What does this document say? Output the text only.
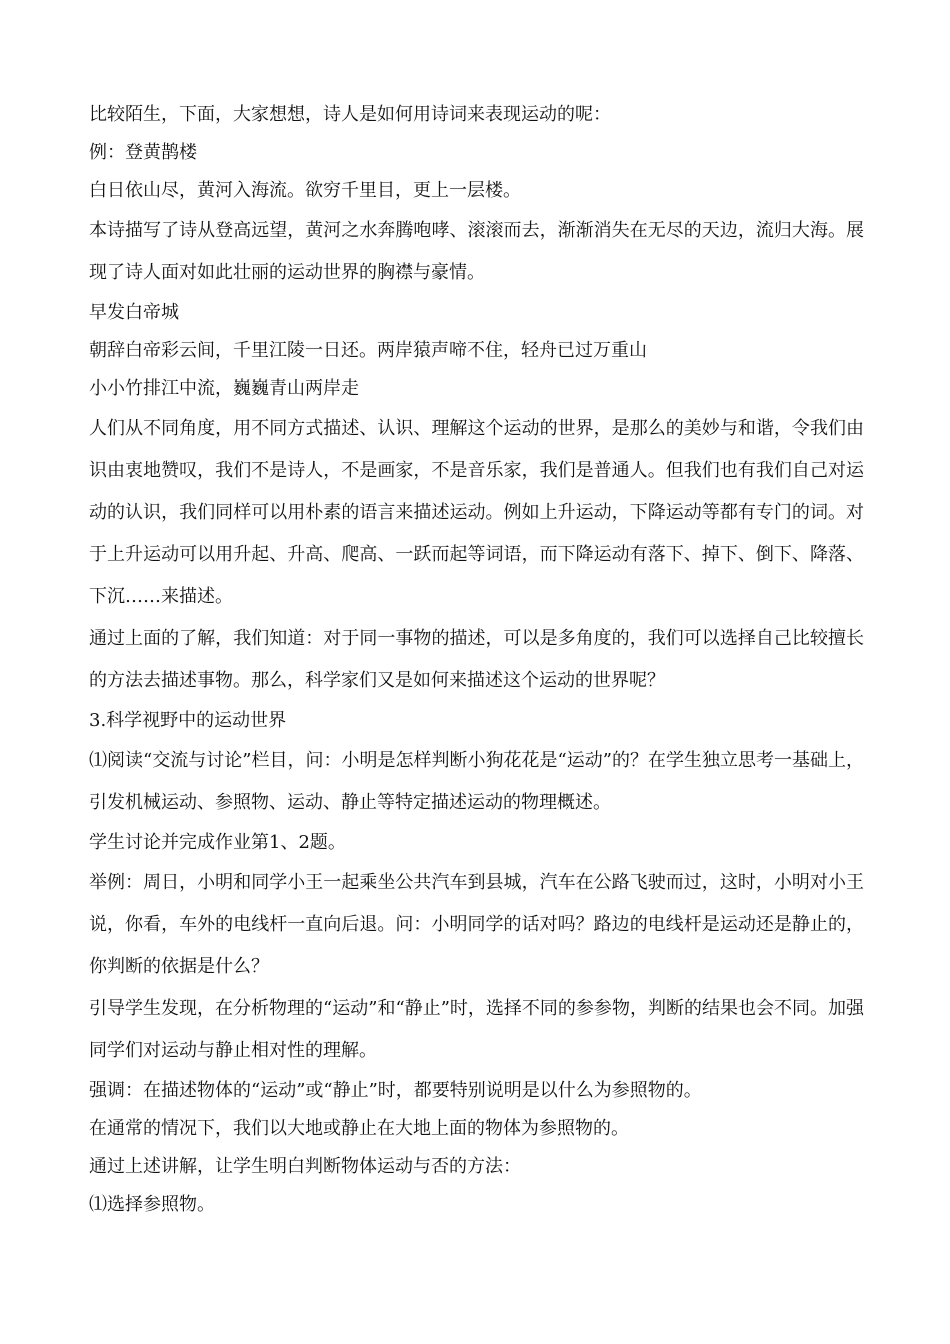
比较陌生，下面，大家想想，诗人是如何用诗词来表现运动的呢：

例：登黄鹊楼

白日依山尽，黄河入海流。欲穷千里目，更上一层楼。

本诗描写了诗从登高远望，黄河之水奔腾咆哮、滚滚而去，渐渐消失在无尽的天边，流归大海。展现了诗人面对如此壮丽的运动世界的胸襟与豪情。

早发白帝城

朝辞白帝彩云间，千里江陵一日还。两岸猿声啼不住，轻舟已过万重山

小小竹排江中流，巍巍青山两岸走

人们从不同角度，用不同方式描述、认识、理解这个运动的世界，是那么的美妙与和谐，令我们由识由衷地赞叹，我们不是诗人，不是画家，不是音乐家，我们是普通人。但我们也有我们自己对运动的认识，我们同样可以用朴素的语言来描述运动。例如上升运动，下降运动等都有专门的词。对于上升运动可以用升起、升高、爬高、一跃而起等词语，而下降运动有落下、掉下、倒下、降落、下沉……来描述。

通过上面的了解，我们知道：对于同一事物的描述，可以是多角度的，我们可以选择自己比较擅长的方法去描述事物。那么，科学家们又是如何来描述这个运动的世界呢？

3.科学视野中的运动世界

⑴阅读“交流与讨论”栏目，问：小明是怎样判断小狗花花是“运动”的？在学生独立思考一基础上，引发机械运动、参照物、运动、静止等特定描述运动的物理概述。

学生讨论并完成作业第1、2题。

举例：周日，小明和同学小王一起乘坐公共汽车到县城，汽车在公路飞驶而过，这时，小明对小王说，你看，车外的电线杆一直向后退。问：小明同学的话对吗？路边的电线杆是运动还是静止的，你判断的依据是什么？

引导学生发现，在分析物理的“运动”和“静止”时，选择不同的参参物，判断的结果也会不同。加强同学们对运动与静止相对性的理解。

强调：在描述物体的“运动”或“静止”时，都要特别说明是以什么为参照物的。

在通常的情况下，我们以大地或静止在大地上面的物体为参照物的。

通过上述讲解，让学生明白判断物体运动与否的方法：

⑴选择参照物。
